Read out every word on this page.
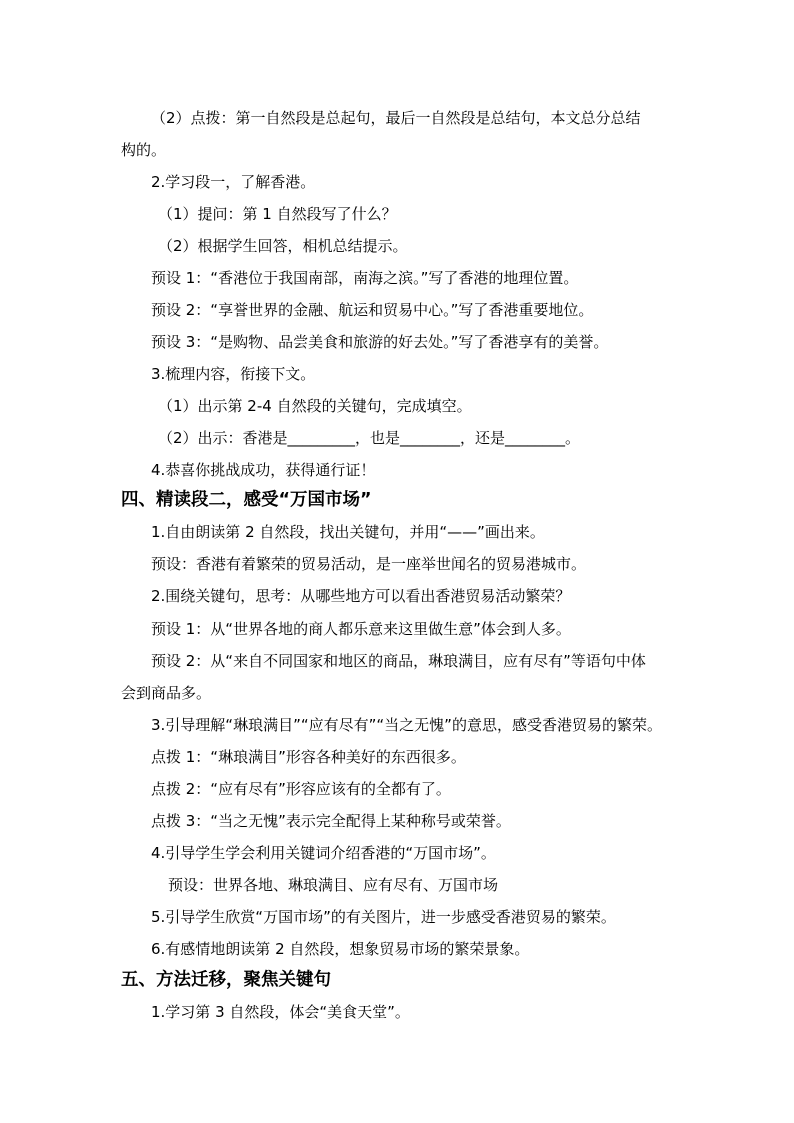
（2）点拨：第一自然段是总起句，最后一自然段是总结句，本文总分总结
构的。
2.学习段一，了解香港。
（1）提问：第 1 自然段写了什么？
（2）根据学生回答，相机总结提示。
预设 1：“香港位于我国南部，南海之滨。”写了香港的地理位置。
预设 2：“享誉世界的金融、航运和贸易中心。”写了香港重要地位。
预设 3：“是购物、品尝美食和旅游的好去处。”写了香港享有的美誉。
3.梳理内容，衔接下文。
（1）出示第 2-4 自然段的关键句，完成填空。
（2）出示：香港是_________，也是________，还是________。
4.恭喜你挑战成功，获得通行证！
四、精读段二，感受“万国市场”
1.自由朗读第 2 自然段，找出关键句，并用“——”画出来。
预设：香港有着繁荣的贸易活动，是一座举世闻名的贸易港城市。
2.围绕关键句，思考：从哪些地方可以看出香港贸易活动繁荣？
预设 1：从“世界各地的商人都乐意来这里做生意”体会到人多。
预设 2：从“来自不同国家和地区的商品，琳琅满目，应有尽有”等语句中体
会到商品多。
3.引导理解“琳琅满目”“应有尽有”“当之无愧”的意思，感受香港贸易的繁荣。
点拨 1：“琳琅满目”形容各种美好的东西很多。
点拨 2：“应有尽有”形容应该有的全都有了。
点拨 3：“当之无愧”表示完全配得上某种称号或荣誉。
4.引导学生学会利用关键词介绍香港的“万国市场”。
预设：世界各地、琳琅满目、应有尽有、万国市场
5.引导学生欣赏“万国市场”的有关图片，进一步感受香港贸易的繁荣。
6.有感情地朗读第 2 自然段，想象贸易市场的繁荣景象。
五、方法迁移，聚焦关键句
1.学习第 3 自然段，体会“美食天堂”。
